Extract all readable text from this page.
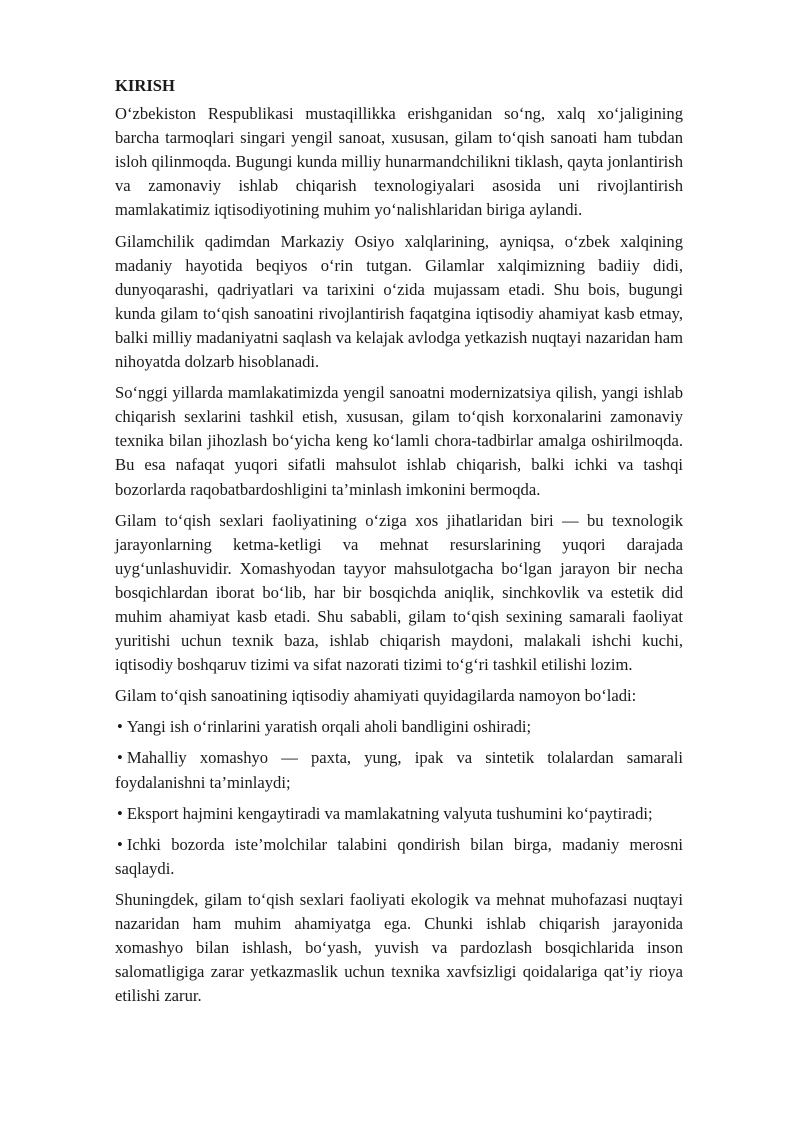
KIRISH

O‘zbekiston Respublikasi mustaqillikka erishganidan so‘ng, xalq xo‘jaligining barcha tarmoqlari singari yengil sanoat, xususan, gilam to‘qish sanoati ham tubdan isloh qilinmoqda. Bugungi kunda milliy hunarmandchilikni tiklash, qayta jonlantirish va zamonaviy ishlab chiqarish texnologiyalari asosida uni rivojlantirish mamlakatimiz iqtisodiyotining muhim yo‘nalishlaridan biriga aylandi.

Gilamchilik qadimdan Markaziy Osiyo xalqlarining, ayniqsa, o‘zbek xalqining madaniy hayotida beqiyos o‘rin tutgan. Gilamlar xalqimizning badiiy didi, dunyoqarashi, qadriyatlari va tarixini o‘zida mujassam etadi. Shu bois, bugungi kunda gilam to‘qish sanoatini rivojlantirish faqatgina iqtisodiy ahamiyat kasb etmay, balki milliy madaniyatni saqlash va kelajak avlodga yetkazish nuqtayi nazaridan ham nihoyatda dolzarb hisoblanadi.

So‘nggi yillarda mamlakatimizda yengil sanoatni modernizatsiya qilish, yangi ishlab chiqarish sexlarini tashkil etish, xususan, gilam to‘qish korxonalarini zamonaviy texnika bilan jihozlash bo‘yicha keng ko‘lamli chora-tadbirlar amalga oshirilmoqda. Bu esa nafaqat yuqori sifatli mahsulot ishlab chiqarish, balki ichki va tashqi bozorlarda raqobatbardoshligini ta’minlash imkonini bermoqda.

Gilam to‘qish sexlari faoliyatining o‘ziga xos jihatlaridan biri — bu texnologik jarayonlarning ketma-ketligi va mehnat resurslarining yuqori darajada uyg‘unlashuvidir. Xomashyodan tayyor mahsulotgacha bo‘lgan jarayon bir necha bosqichlardan iborat bo‘lib, har bir bosqichda aniqlik, sinchkovlik va estetik did muhim ahamiyat kasb etadi. Shu sababli, gilam to‘qish sexining samarali faoliyat yuritishi uchun texnik baza, ishlab chiqarish maydoni, malakali ishchi kuchi, iqtisodiy boshqaruv tizimi va sifat nazorati tizimi to‘g‘ri tashkil etilishi lozim.

Gilam to‘qish sanoatining iqtisodiy ahamiyati quyidagilarda namoyon bo‘ladi:

• Yangi ish o‘rinlarini yaratish orqali aholi bandligini oshiradi;

• Mahalliy xomashyo — paxta, yung, ipak va sintetik tolalardan samarali foydalanishni ta’minlaydi;

• Eksport hajmini kengaytiradi va mamlakatning valyuta tushumini ko‘paytiradi;

• Ichki bozorda iste’molchilar talabini qondirish bilan birga, madaniy merosni saqlaydi.

Shuningdek, gilam to‘qish sexlari faoliyati ekologik va mehnat muhofazasi nuqtayi nazaridan ham muhim ahamiyatga ega. Chunki ishlab chiqarish jarayonida xomashyo bilan ishlash, bo‘yash, yuvish va pardozlash bosqichlarida inson salomatligiga zarar yetkazmaslik uchun texnika xavfsizligi qoidalariga qat’iy rioya etilishi zarur.
